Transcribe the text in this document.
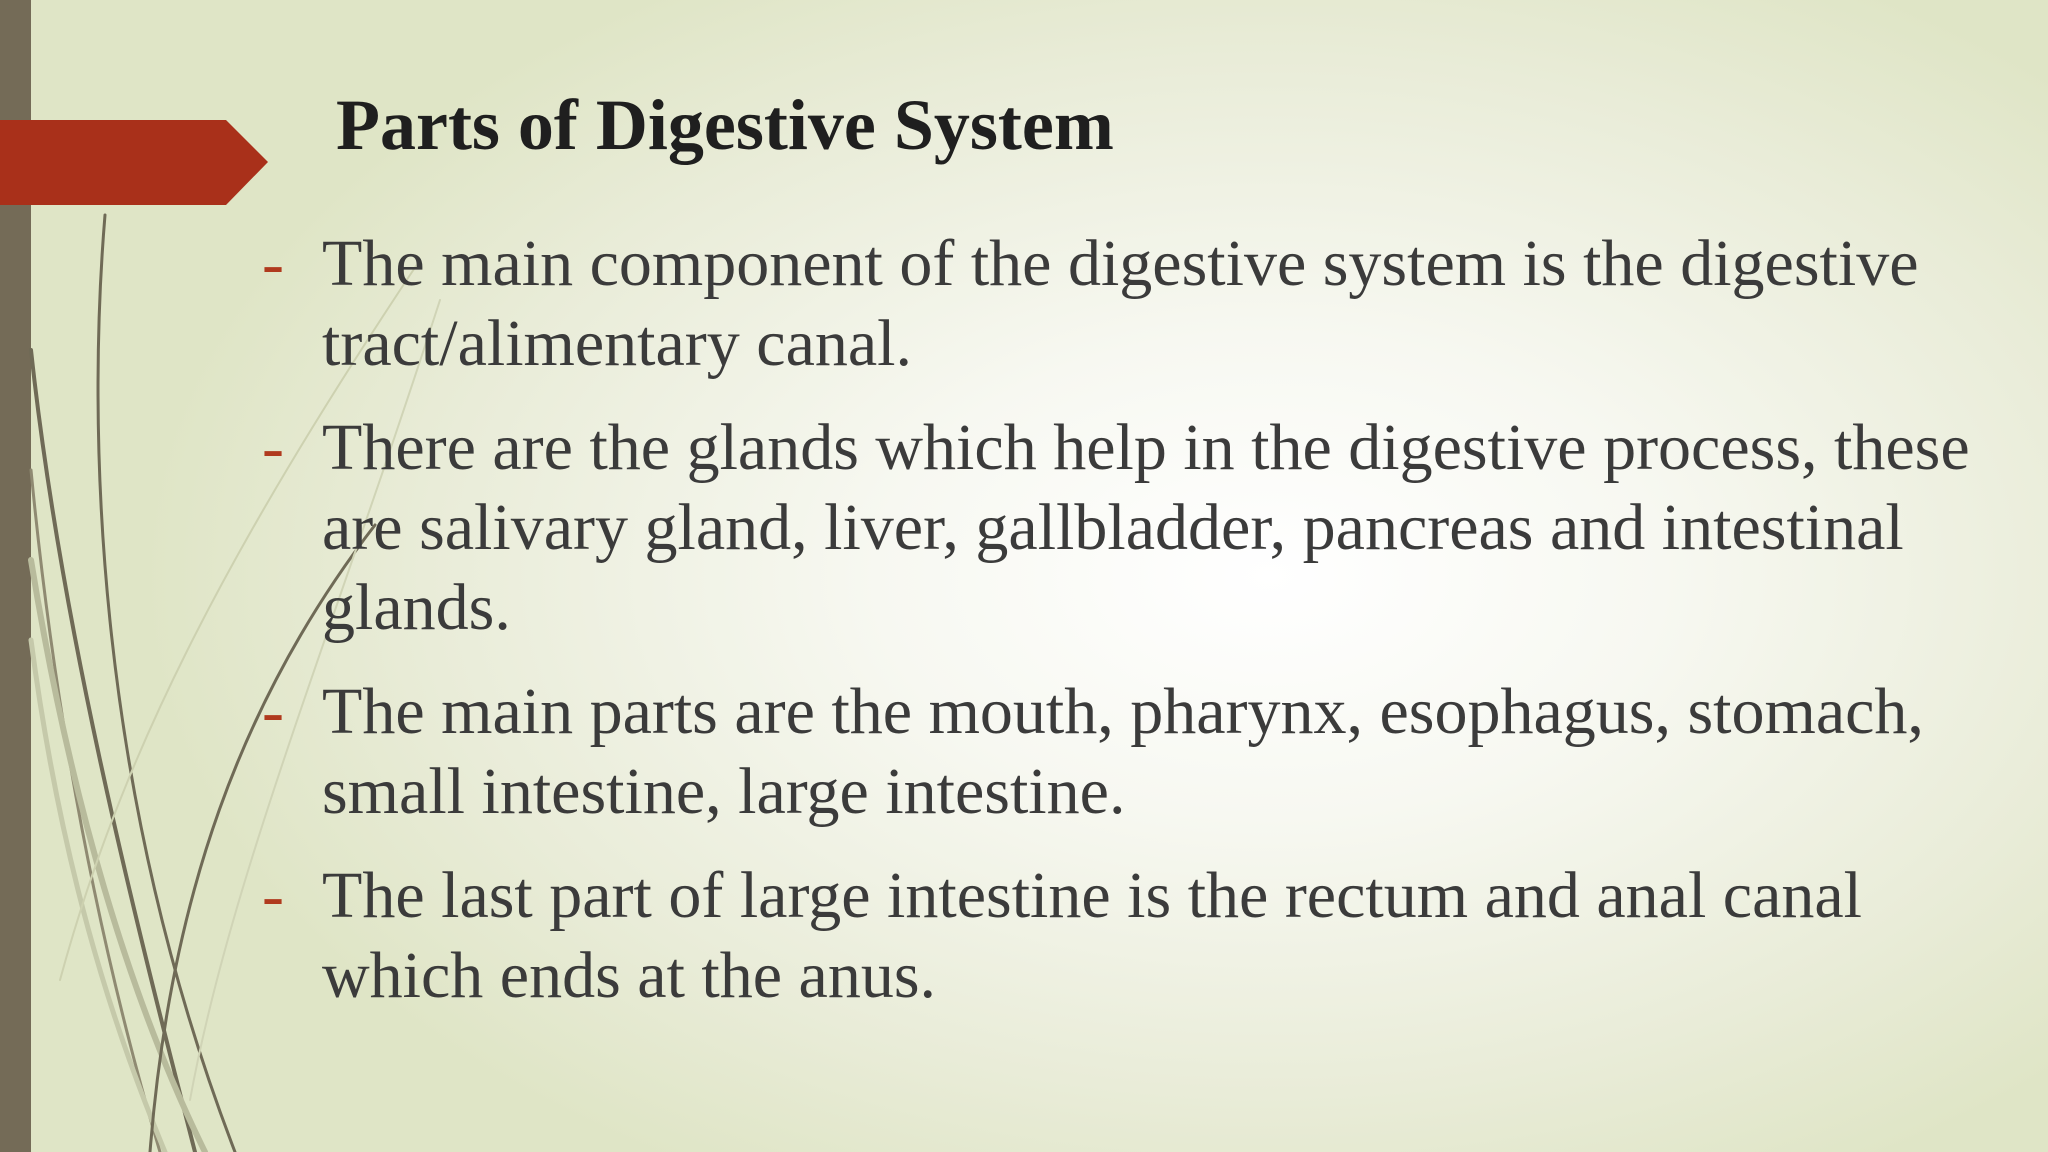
Parts of Digestive System
- The main component of the digestive system is the digestive tract/alimentary canal.
- There are the glands which help in the digestive process, these are salivary gland, liver, gallbladder, pancreas and intestinal glands.
- The main parts are the mouth, pharynx, esophagus, stomach, small intestine, large intestine.
- The last part of large intestine is the rectum and anal canal which ends at the anus.
